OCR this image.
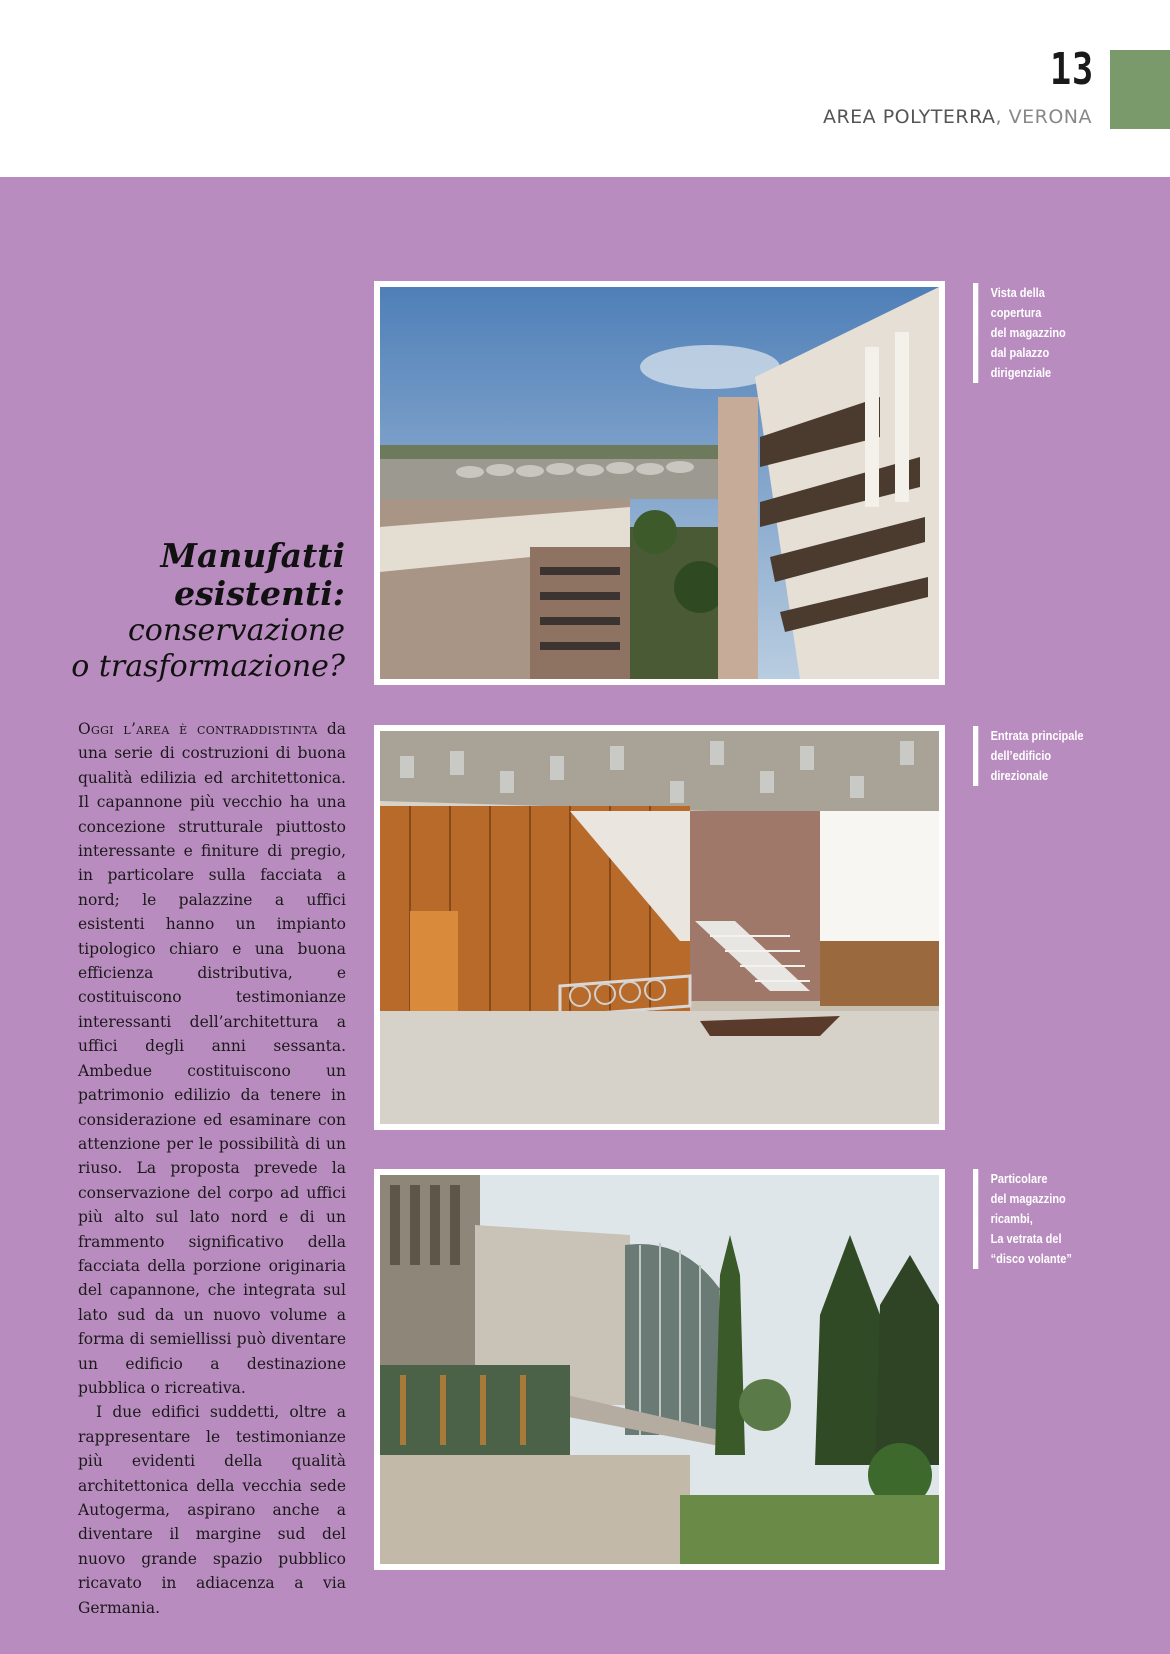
13
AREA POLYTERRA, VERONA
Manufatti
esistenti:
conservazione
o trasformazione?

Oggi l’area è contraddistinta da una serie di costruzioni di buona qualità edilizia ed architettonica. Il capannone più vecchio ha una concezione strutturale piuttosto interessante e finiture di pregio, in particolare sulla facciata a nord; le palazzine a uffici esistenti hanno un impianto tipologico chiaro e una buona efficienza distributiva, e costituiscono testimonianze interessanti dell’architettura a uffici degli anni sessanta. Ambedue costituiscono un patrimonio edilizio da tenere in considerazione ed esaminare con attenzione per le possibilità di un riuso. La proposta prevede la conservazione del corpo ad uffici più alto sul lato nord e di un frammento significativo della facciata della porzione originaria del capannone, che integrata sul lato sud da un nuovo volume a forma di semiellissi può diventare un edificio a destinazione pubblica o ricreativa.

I due edifici suddetti, oltre a rappresentare le testimonianze più evidenti della qualità architettonica della vecchia sede Autogerma, aspirano anche a diventare il margine sud del nuovo grande spazio pubblico ricavato in adiacenza a via Germania.

Vista della
copertura
del magazzino
dal palazzo
dirigenziale
Entrata principale
dell’edificio
direzionale
Particolare
del magazzino
ricambi,
La vetrata del
“disco volante”
